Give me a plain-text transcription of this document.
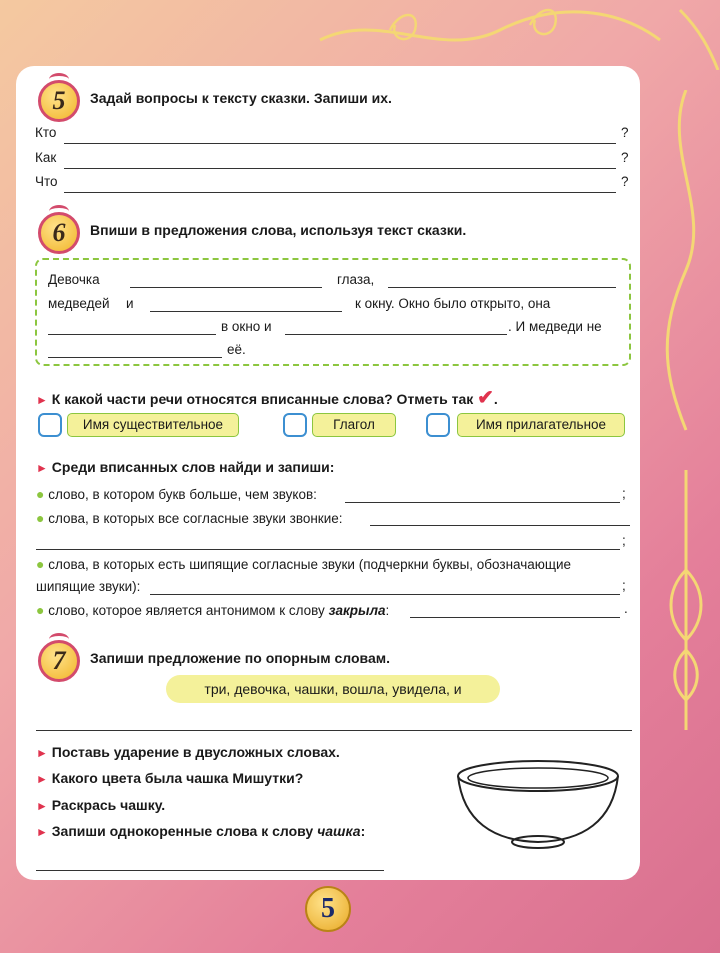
5	Задай вопросы к тексту сказки. Запиши их.
Кто	?
Как	?
Что	?
6	Впиши в предложения слова, используя текст сказки.
Девочка	глаза,
медведей и	к окну. Окно было открыто, она
в окно и	. И медведи не
её.
► К какой части речи относятся вписанные слова? Отметь так ✔.
Имя существительное	Глагол	Имя прилагательное
► Среди вписанных слов найди и запиши:
● слово, в котором букв больше, чем звуков:	;
● слова, в которых все согласные звуки звонкие:
;
● слова, в которых есть шипящие согласные звуки (подчеркни буквы, обозначающие
шипящие звуки):	;
● слово, которое является антонимом к слову закрыла:	.
7	Запиши предложение по опорным словам.
три, девочка, чашки, вошла, увидела, и
► Поставь ударение в двусложных словах.
► Какого цвета была чашка Мишутки?
► Раскрась чашку.
► Запиши однокоренные слова к слову чашка:
5
